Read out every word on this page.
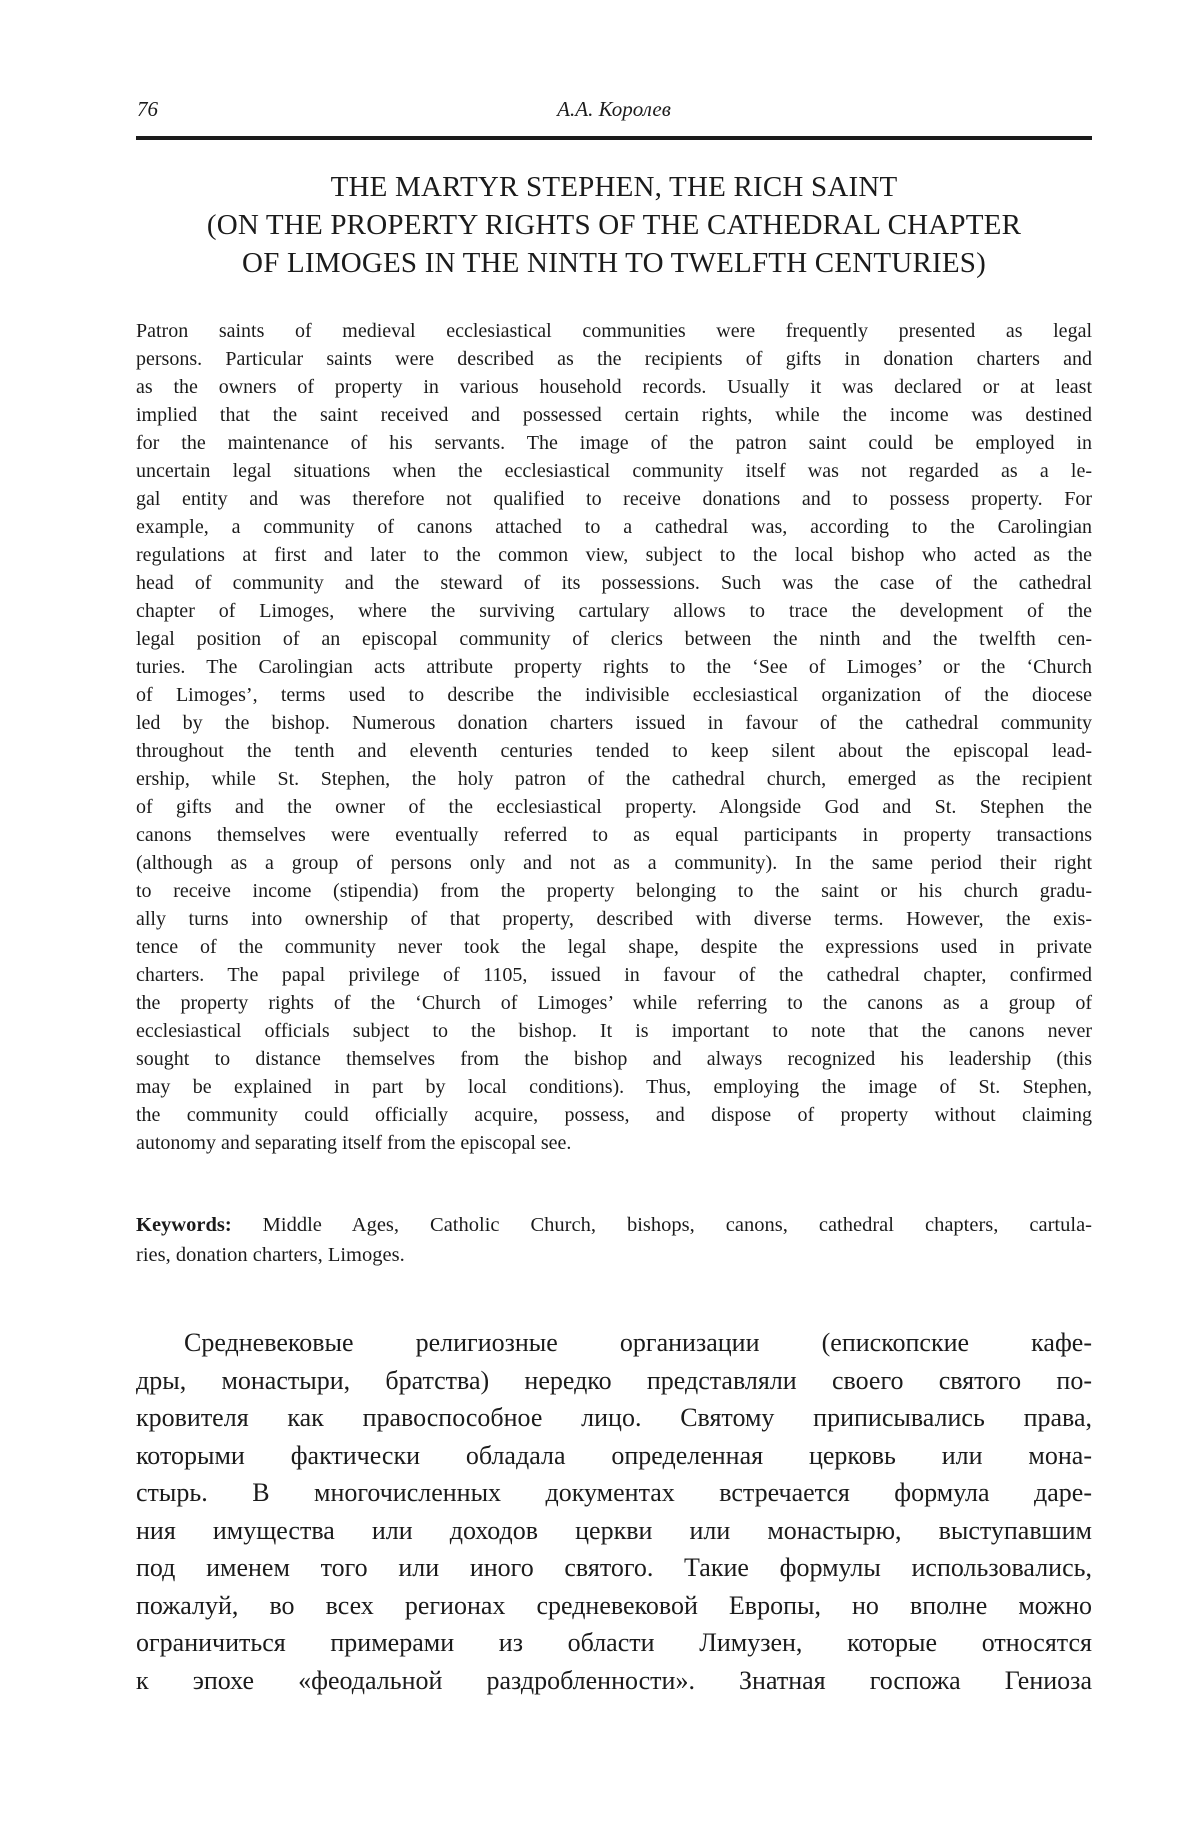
76	А.А. Королев
THE MARTYR STEPHEN, THE RICH SAINT
(ON THE PROPERTY RIGHTS OF THE CATHEDRAL CHAPTER
OF LIMOGES IN THE NINTH TO TWELFTH CENTURIES)
Patron saints of medieval ecclesiastical communities were frequently presented as legal
persons. Particular saints were described as the recipients of gifts in donation charters and
as the owners of property in various household records. Usually it was declared or at least
implied that the saint received and possessed certain rights, while the income was destined
for the maintenance of his servants. The image of the patron saint could be employed in
uncertain legal situations when the ecclesiastical community itself was not regarded as a le-
gal entity and was therefore not qualified to receive donations and to possess property. For
example, a community of canons attached to a cathedral was, according to the Carolingian
regulations at first and later to the common view, subject to the local bishop who acted as the
head of community and the steward of its possessions. Such was the case of the cathedral
chapter of Limoges, where the surviving cartulary allows to trace the development of the
legal position of an episcopal community of clerics between the ninth and the twelfth cen-
turies. The Carolingian acts attribute property rights to the ‘See of Limoges’ or the ‘Church
of Limoges’, terms used to describe the indivisible ecclesiastical organization of the diocese
led by the bishop. Numerous donation charters issued in favour of the cathedral community
throughout the tenth and eleventh centuries tended to keep silent about the episcopal lead-
ership, while St. Stephen, the holy patron of the cathedral church, emerged as the recipient
of gifts and the owner of the ecclesiastical property. Alongside God and St. Stephen the
canons themselves were eventually referred to as equal participants in property transactions
(although as a group of persons only and not as a community). In the same period their right
to receive income (stipendia) from the property belonging to the saint or his church gradu-
ally turns into ownership of that property, described with diverse terms. However, the exis-
tence of the community never took the legal shape, despite the expressions used in private
charters. The papal privilege of 1105, issued in favour of the cathedral chapter, confirmed
the property rights of the ‘Church of Limoges’ while referring to the canons as a group of
ecclesiastical officials subject to the bishop. It is important to note that the canons never
sought to distance themselves from the bishop and always recognized his leadership (this
may be explained in part by local conditions). Thus, employing the image of St. Stephen,
the community could officially acquire, possess, and dispose of property without claiming
autonomy and separating itself from the episcopal see.
Keywords: Middle Ages, Catholic Church, bishops, canons, cathedral chapters, cartula-
ries, donation charters, Limoges.
Средневековые религиозные организации (епископские кафе-
дры, монастыри, братства) нередко представляли своего святого по-
кровителя как правоспособное лицо. Святому приписывались права,
которыми фактически обладала определенная церковь или мона-
стырь. В многочисленных документах встречается формула даре-
ния имущества или доходов церкви или монастырю, выступавшим
под именем того или иного святого. Такие формулы использовались,
пожалуй, во всех регионах средневековой Европы, но вполне можно
ограничиться примерами из области Лимузен, которые относятся
к эпохе «феодальной раздробленности». Знатная госпожа Гениоза
